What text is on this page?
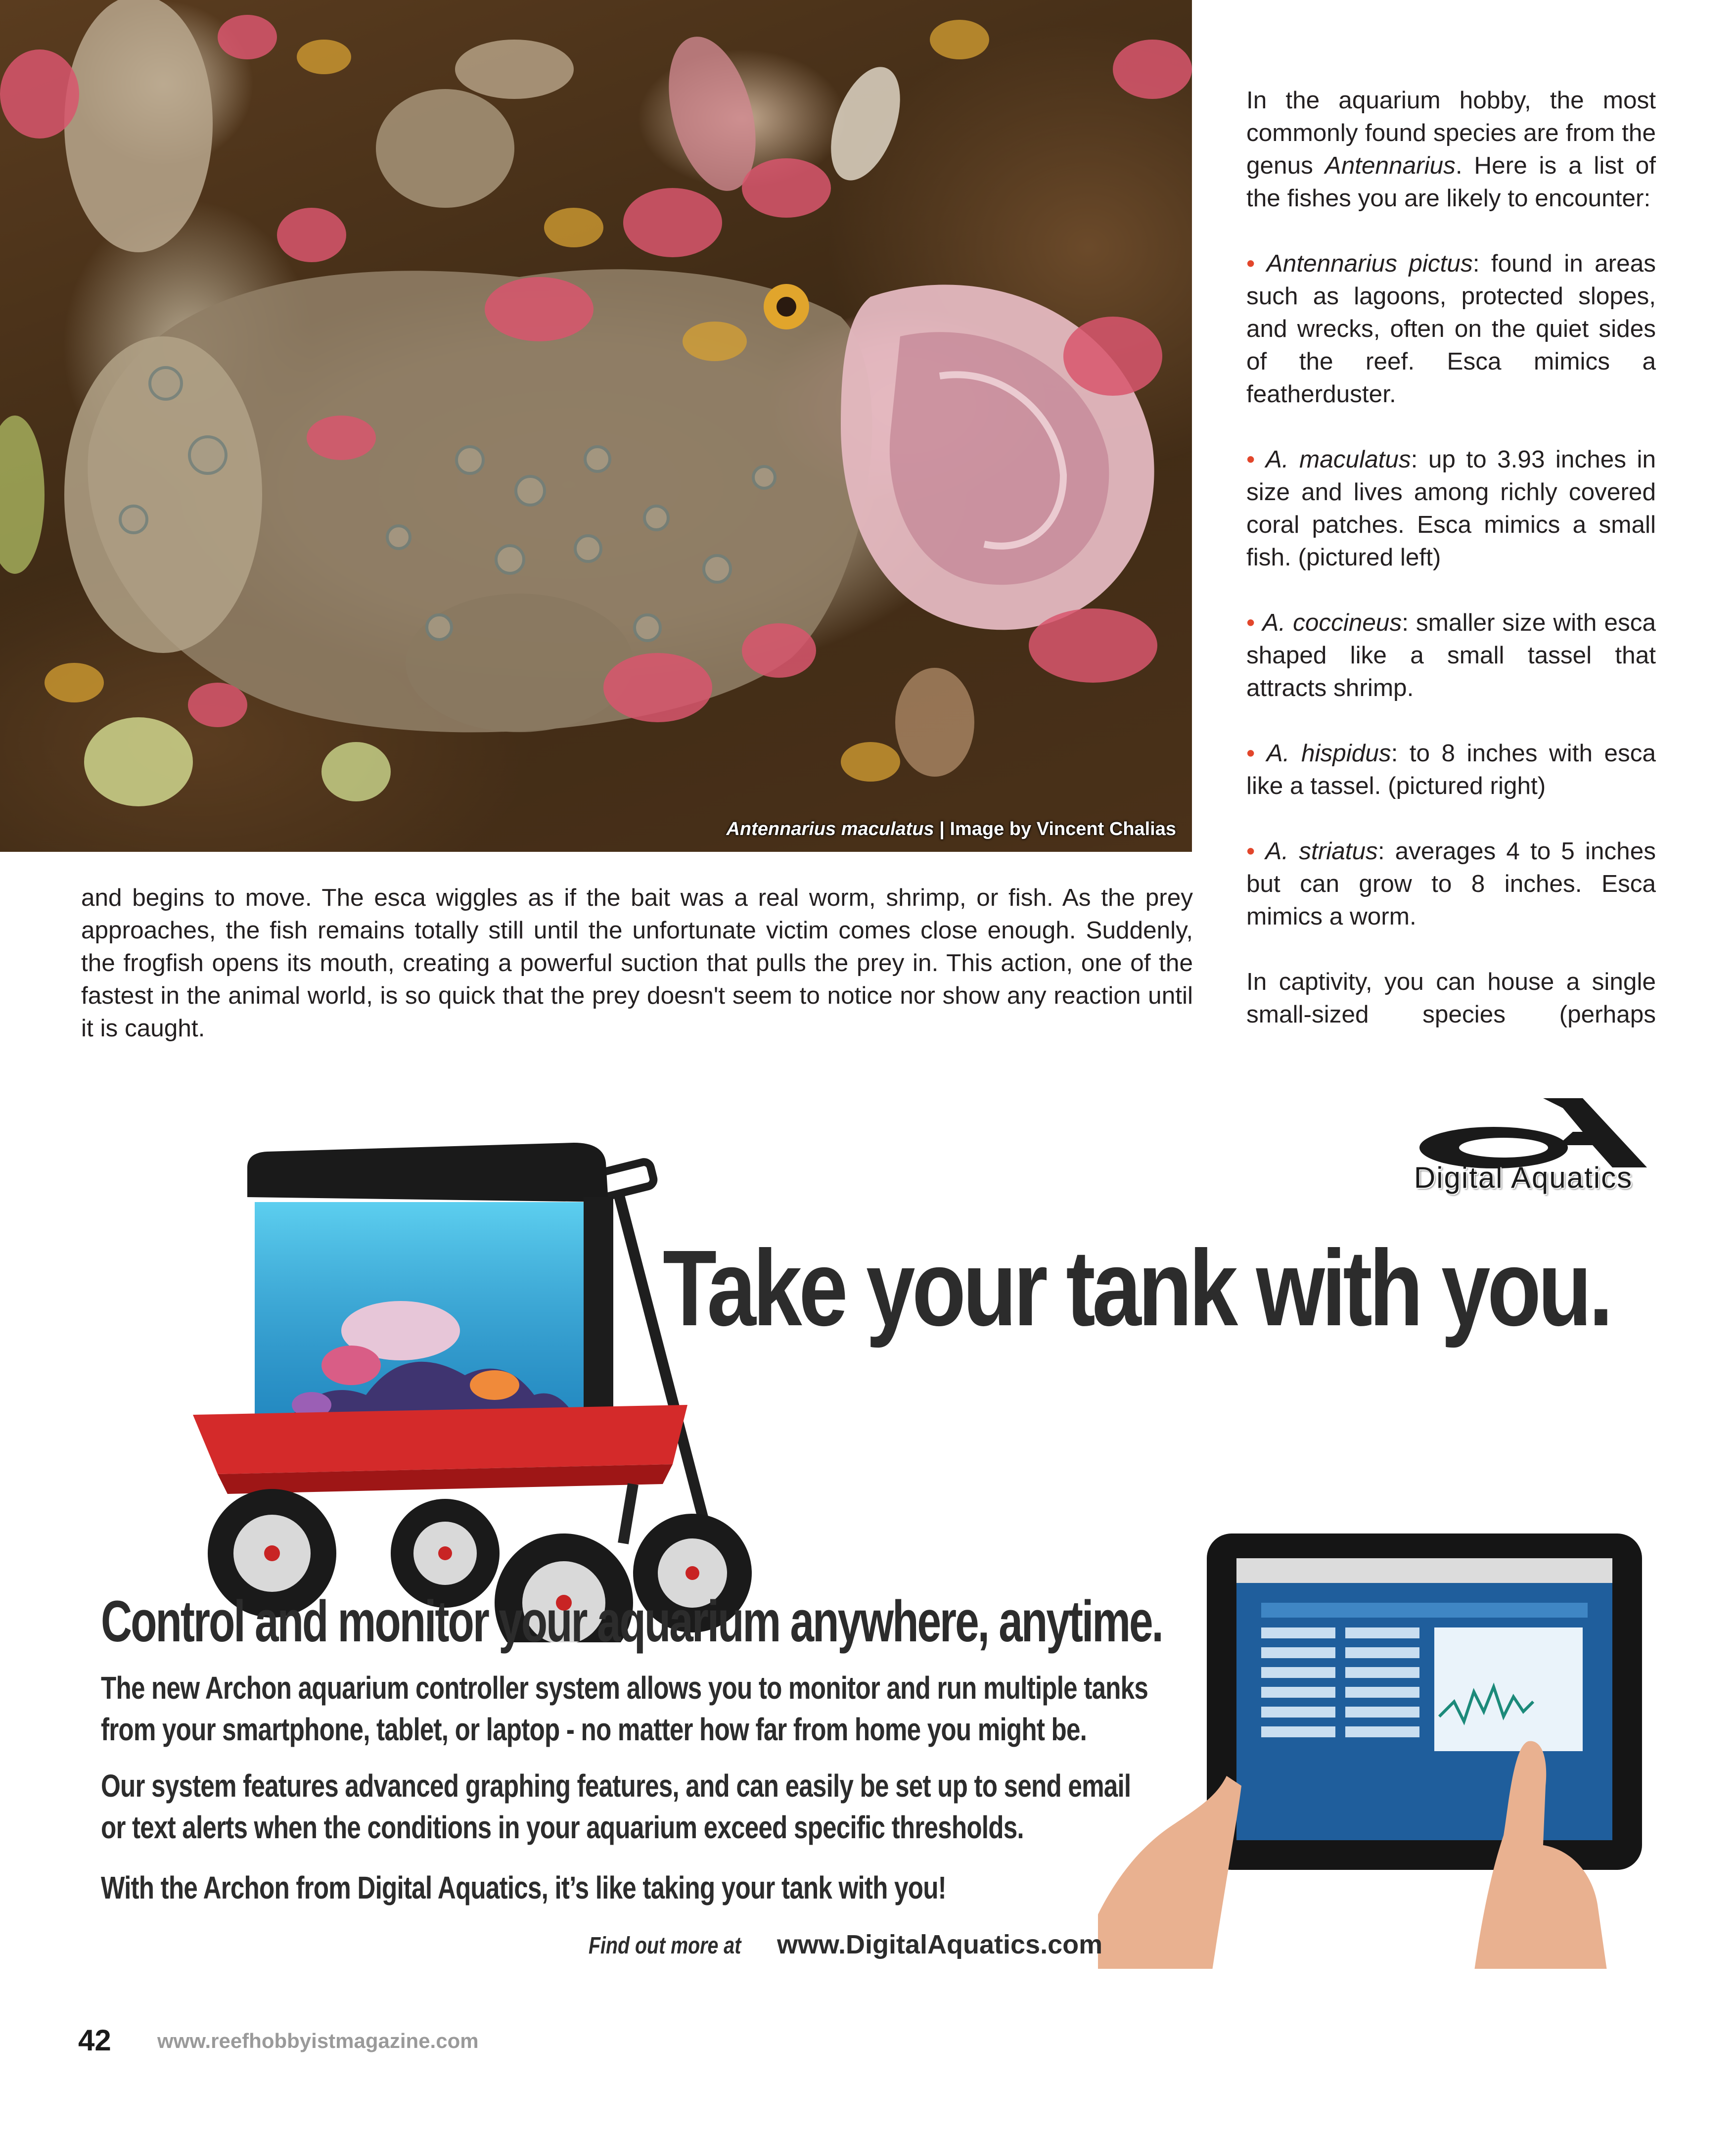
Antennarius maculatus | Image by Vincent Chalias
and begins to move. The esca wiggles as if the bait was a real worm, shrimp, or fish. As the prey approaches, the fish remains totally still until the unfortunate victim comes close enough. Suddenly, the frogfish opens its mouth, creating a powerful suction that pulls the prey in. This action, one of the fastest in the animal world, is so quick that the prey doesn't seem to notice nor show any reaction until it is caught.

In the aquarium hobby, the most commonly found species are from the genus Antennarius. Here is a list of the fishes you are likely to encounter:

• Antennarius pictus: found in areas such as lagoons, protected slopes, and wrecks, often on the quiet sides of the reef. Esca mimics a featherduster.

• A. maculatus: up to 3.93 inches in size and lives among richly covered coral patches. Esca mimics a small fish. (pictured left)

• A. coccineus: smaller size with esca shaped like a small tassel that attracts shrimp.

• A. hispidus: to 8 inches with esca like a tassel. (pictured right)

• A. striatus: averages 4 to 5 inches but can grow to 8 inches. Esca mimics a worm.

In captivity, you can house a single small-sized species (perhaps

Digital Aquatics
Take your tank with you.
Control and monitor your aquarium anywhere, anytime.
The new Archon aquarium controller system allows you to monitor and run multiple tanks
from your smartphone, tablet, or laptop - no matter how far from home you might be.
Our system features advanced graphing features, and can easily be set up to send email
or text alerts when the conditions in your aquarium exceed specific thresholds.
With the Archon from Digital Aquatics, it’s like taking your tank with you!
Find out more at www.DigitalAquatics.com
42 www.reefhobbyistmagazine.com
